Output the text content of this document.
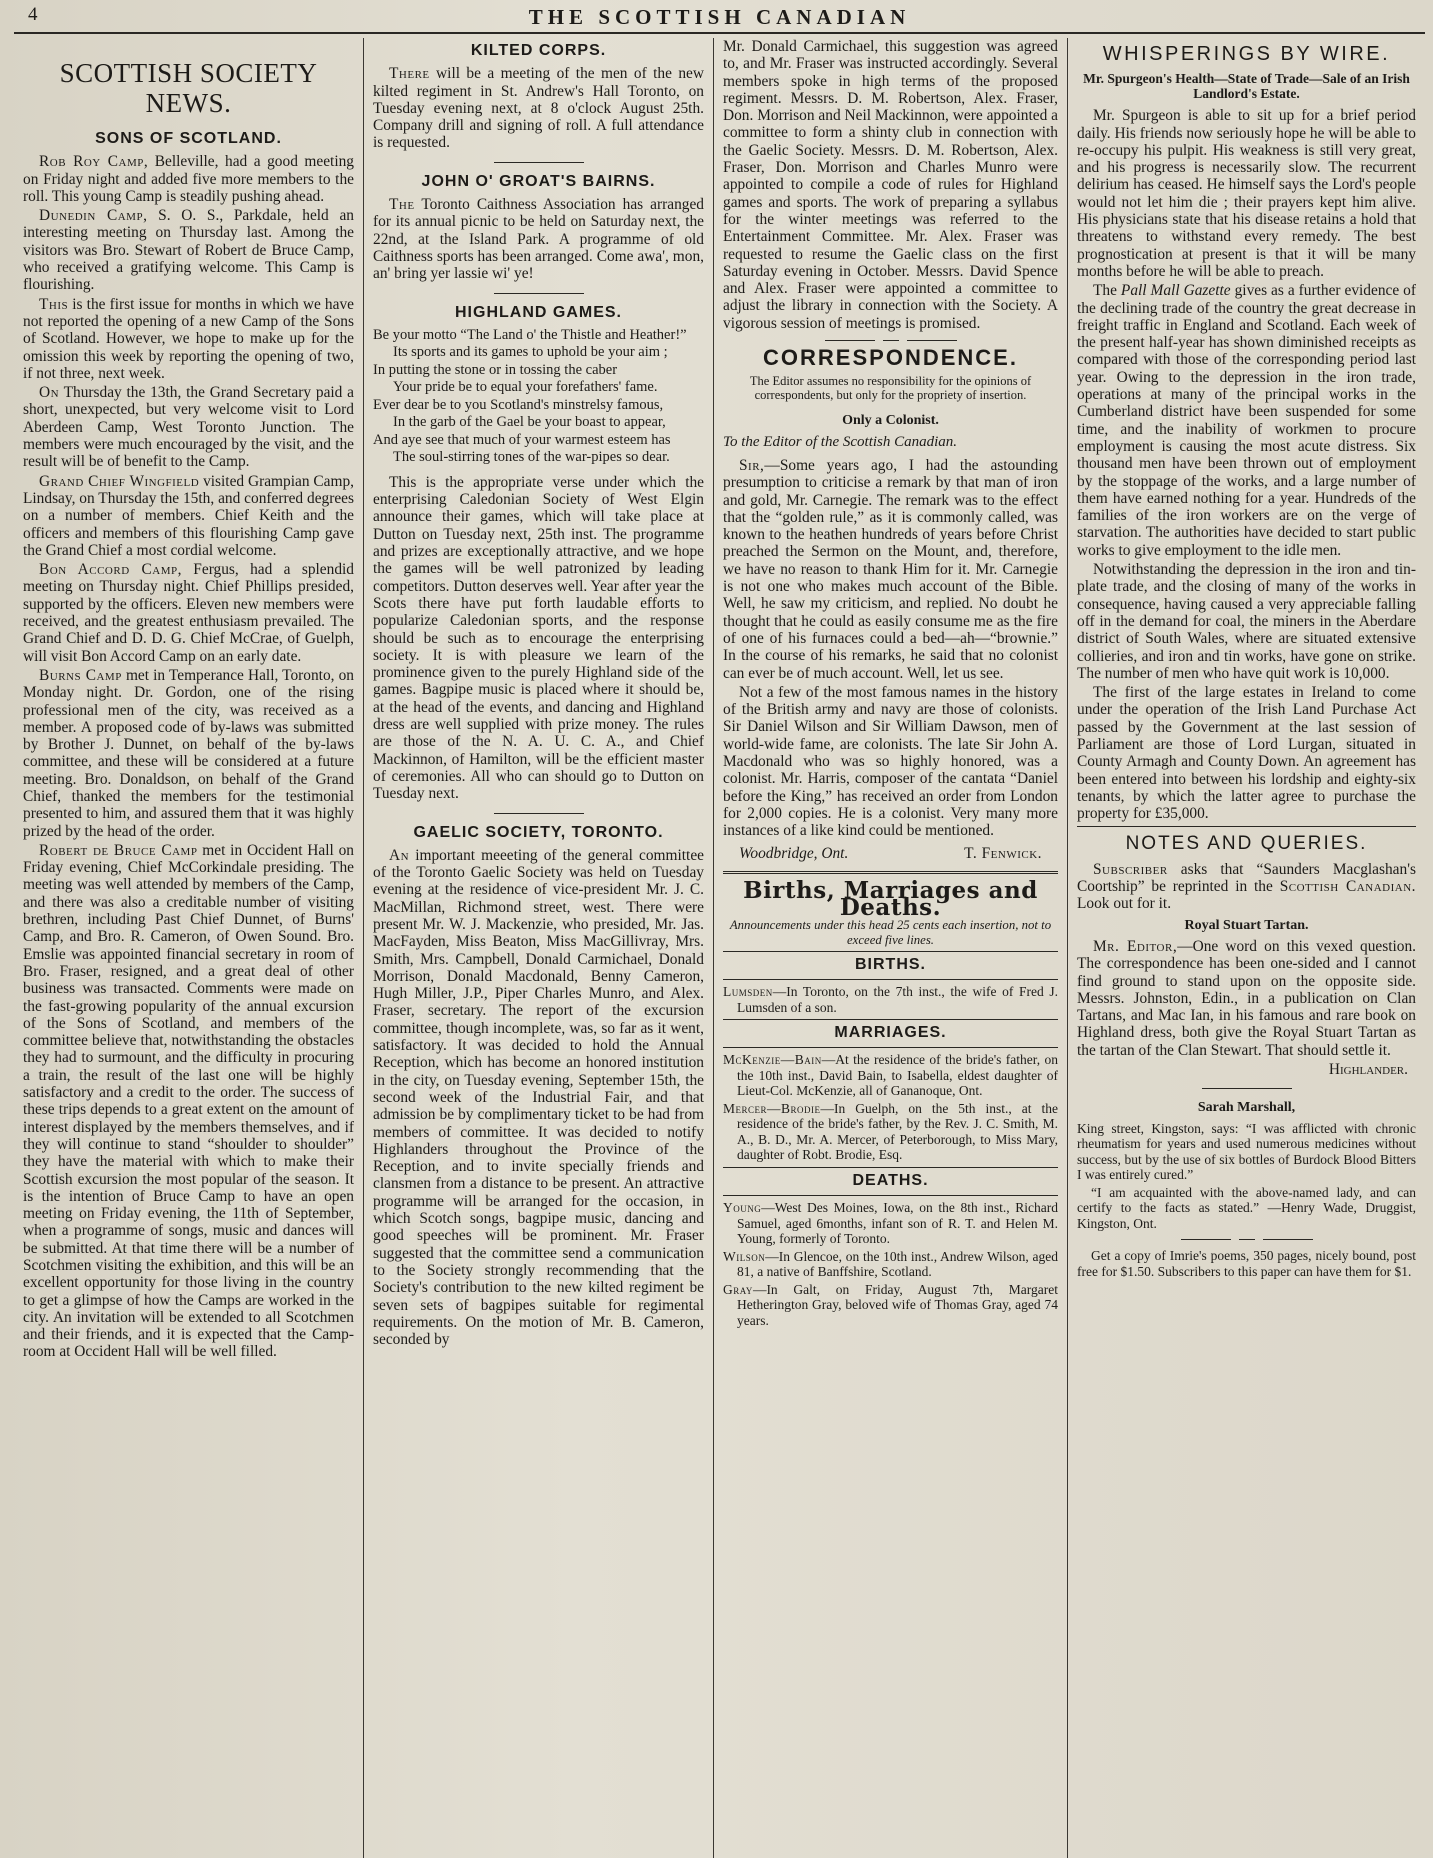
4	THE SCOTTISH CANADIAN
SCOTTISH SOCIETY NEWS.
SONS OF SCOTLAND.

Rob Roy Camp, Belleville, had a good meeting on Friday night and added five more members to the roll. This young Camp is steadily pushing ahead.

Dunedin Camp, S. O. S., Parkdale, held an interesting meeting on Thursday last. Among the visitors was Bro. Stewart of Robert de Bruce Camp, who received a gratifying welcome. This Camp is flourishing.

This is the first issue for months in which we have not reported the opening of a new Camp of the Sons of Scotland. However, we hope to make up for the omission this week by reporting the opening of two, if not three, next week.

On Thursday the 13th, the Grand Secretary paid a short, unexpected, but very welcome visit to Lord Aberdeen Camp, West Toronto Junction. The members were much encouraged by the visit, and the result will be of benefit to the Camp.

Grand Chief Wingfield visited Grampian Camp, Lindsay, on Thursday the 15th, and conferred degrees on a number of members. Chief Keith and the officers and members of this flourishing Camp gave the Grand Chief a most cordial welcome.

Bon Accord Camp, Fergus, had a splendid meeting on Thursday night. Chief Phillips presided, supported by the officers. Eleven new members were received, and the greatest enthusiasm prevailed. The Grand Chief and D. D. G. Chief McCrae, of Guelph, will visit Bon Accord Camp on an early date.

Burns Camp met in Temperance Hall, Toronto, on Monday night. Dr. Gordon, one of the rising professional men of the city, was received as a member. A proposed code of by-laws was submitted by Brother J. Dunnet, on behalf of the by-laws committee, and these will be considered at a future meeting. Bro. Donaldson, on behalf of the Grand Chief, thanked the members for the testimonial presented to him, and assured them that it was highly prized by the head of the order.

Robert de Bruce Camp met in Occident Hall on Friday evening, Chief McCorkindale presiding. The meeting was well attended by members of the Camp, and there was also a creditable number of visiting brethren, including Past Chief Dunnet, of Burns' Camp, and Bro. R. Cameron, of Owen Sound. Bro. Emslie was appointed financial secretary in room of Bro. Fraser, resigned, and a great deal of other business was transacted. Comments were made on the fast-growing popularity of the annual excursion of the Sons of Scotland, and members of the committee believe that, notwithstanding the obstacles they had to surmount, and the difficulty in procuring a train, the result of the last one will be highly satisfactory and a credit to the order. The success of these trips depends to a great extent on the amount of interest displayed by the members themselves, and if they will continue to stand “shoulder to shoulder” they have the material with which to make their Scottish excursion the most popular of the season. It is the intention of Bruce Camp to have an open meeting on Friday evening, the 11th of September, when a programme of songs, music and dances will be submitted. At that time there will be a number of Scotchmen visiting the exhibition, and this will be an excellent opportunity for those living in the country to get a glimpse of how the Camps are worked in the city. An invitation will be extended to all Scotchmen and their friends, and it is expected that the Camp-room at Occident Hall will be well filled.

KILTED CORPS.

There will be a meeting of the men of the new kilted regiment in St. Andrew's Hall Toronto, on Tuesday evening next, at 8 o'clock August 25th. Company drill and signing of roll. A full attendance is requested.

JOHN O' GROAT'S BAIRNS.

The Toronto Caithness Association has arranged for its annual picnic to be held on Saturday next, the 22nd, at the Island Park. A programme of old Caithness sports has been arranged. Come awa', mon, an' bring yer lassie wi' ye!

HIGHLAND GAMES.
Be your motto “The Land o' the Thistle and Heather!”
Its sports and its games to uphold be your aim ;
In putting the stone or in tossing the caber
Your pride be to equal your forefathers' fame.
Ever dear be to you Scotland's minstrelsy famous,
In the garb of the Gael be your boast to appear,
And aye see that much of your warmest esteem has
The soul-stirring tones of the war-pipes so dear.

This is the appropriate verse under which the enterprising Caledonian Society of West Elgin announce their games, which will take place at Dutton on Tuesday next, 25th inst. The programme and prizes are exceptionally attractive, and we hope the games will be well patronized by leading competitors. Dutton deserves well. Year after year the Scots there have put forth laudable efforts to popularize Caledonian sports, and the response should be such as to encourage the enterprising society. It is with pleasure we learn of the prominence given to the purely Highland side of the games. Bagpipe music is placed where it should be, at the head of the events, and dancing and Highland dress are well supplied with prize money. The rules are those of the N. A. U. C. A., and Chief Mackinnon, of Hamilton, will be the efficient master of ceremonies. All who can should go to Dutton on Tuesday next.

GAELIC SOCIETY, TORONTO.

An important meeeting of the general committee of the Toronto Gaelic Society was held on Tuesday evening at the residence of vice-president Mr. J. C. MacMillan, Richmond street, west. There were present Mr. W. J. Mackenzie, who presided, Mr. Jas. MacFayden, Miss Beaton, Miss MacGillivray, Mrs. Smith, Mrs. Campbell, Donald Carmichael, Donald Morrison, Donald Macdonald, Benny Cameron, Hugh Miller, J.P., Piper Charles Munro, and Alex. Fraser, secretary. The report of the excursion committee, though incomplete, was, so far as it went, satisfactory. It was decided to hold the Annual Reception, which has become an honored institution in the city, on Tuesday evening, September 15th, the second week of the Industrial Fair, and that admission be by complimentary ticket to be had from members of committee. It was decided to notify Highlanders throughout the Province of the Reception, and to invite specially friends and clansmen from a distance to be present. An attractive programme will be arranged for the occasion, in which Scotch songs, bagpipe music, dancing and good speeches will be prominent. Mr. Fraser suggested that the committee send a communication to the Society strongly recommending that the Society's contribution to the new kilted regiment be seven sets of bagpipes suitable for regimental requirements. On the motion of Mr. B. Cameron, seconded by

Mr. Donald Carmichael, this suggestion was agreed to, and Mr. Fraser was instructed accordingly. Several members spoke in high terms of the proposed regiment. Messrs. D. M. Robertson, Alex. Fraser, Don. Morrison and Neil Mackinnon, were appointed a committee to form a shinty club in connection with the Gaelic Society. Messrs. D. M. Robertson, Alex. Fraser, Don. Morrison and Charles Munro were appointed to compile a code of rules for Highland games and sports. The work of preparing a syllabus for the winter meetings was referred to the Entertainment Committee. Mr. Alex. Fraser was requested to resume the Gaelic class on the first Saturday evening in October. Messrs. David Spence and Alex. Fraser were appointed a committee to adjust the library in connection with the Society. A vigorous session of meetings is promised.

CORRESPONDENCE.
The Editor assumes no responsibility for the opinions of correspondents, but only for the propriety of insertion.
Only a Colonist.
To the Editor of the Scottish Canadian.

Sir,—Some years ago, I had the astounding presumption to criticise a remark by that man of iron and gold, Mr. Carnegie. The remark was to the effect that the “golden rule,” as it is commonly called, was known to the heathen hundreds of years before Christ preached the Sermon on the Mount, and, therefore, we have no reason to thank Him for it. Mr. Carnegie is not one who makes much account of the Bible. Well, he saw my criticism, and replied. No doubt he thought that he could as easily consume me as the fire of one of his furnaces could a bed—ah—“brownie.” In the course of his remarks, he said that no colonist can ever be of much account. Well, let us see.

Not a few of the most famous names in the history of the British army and navy are those of colonists. Sir Daniel Wilson and Sir William Dawson, men of world-wide fame, are colonists. The late Sir John A. Macdonald who was so highly honored, was a colonist. Mr. Harris, composer of the cantata “Daniel before the King,” has received an order from London for 2,000 copies. He is a colonist. Very many more instances of a like kind could be mentioned.

Woodbridge, Ont.	T. Fenwick.
Births, Marriages and Deaths.
Announcements under this head 25 cents each insertion, not to exceed five lines.
BIRTHS.

Lumsden—In Toronto, on the 7th inst., the wife of Fred J. Lumsden of a son.

MARRIAGES.

McKenzie—Bain—At the residence of the bride's father, on the 10th inst., David Bain, to Isabella, eldest daughter of Lieut-Col. McKenzie, all of Gananoque, Ont.

Mercer—Brodie—In Guelph, on the 5th inst., at the residence of the bride's father, by the Rev. J. C. Smith, M. A., B. D., Mr. A. Mercer, of Peterborough, to Miss Mary, daughter of Robt. Brodie, Esq.

DEATHS.

Young—West Des Moines, Iowa, on the 8th inst., Richard Samuel, aged 6months, infant son of R. T. and Helen M. Young, formerly of Toronto.

Wilson—In Glencoe, on the 10th inst., Andrew Wilson, aged 81, a native of Banffshire, Scotland.

Gray—In Galt, on Friday, August 7th, Margaret Hetherington Gray, beloved wife of Thomas Gray, aged 74 years.

WHISPERINGS BY WIRE.
Mr. Spurgeon's Health—State of Trade—Sale of an Irish Landlord's Estate.

Mr. Spurgeon is able to sit up for a brief period daily. His friends now seriously hope he will be able to re-occupy his pulpit. His weakness is still very great, and his progress is necessarily slow. The recurrent delirium has ceased. He himself says the Lord's people would not let him die ; their prayers kept him alive. His physicians state that his disease retains a hold that threatens to withstand every remedy. The best prognostication at present is that it will be many months before he will be able to preach.

The Pall Mall Gazette gives as a further evidence of the declining trade of the country the great decrease in freight traffic in England and Scotland. Each week of the present half-year has shown diminished receipts as compared with those of the corresponding period last year. Owing to the depression in the iron trade, operations at many of the principal works in the Cumberland district have been suspended for some time, and the inability of workmen to procure employment is causing the most acute distress. Six thousand men have been thrown out of employment by the stoppage of the works, and a large number of them have earned nothing for a year. Hundreds of the families of the iron workers are on the verge of starvation. The authorities have decided to start public works to give employment to the idle men.

Notwithstanding the depression in the iron and tin-plate trade, and the closing of many of the works in consequence, having caused a very appreciable falling off in the demand for coal, the miners in the Aberdare district of South Wales, where are situated extensive collieries, and iron and tin works, have gone on strike. The number of men who have quit work is 10,000.

The first of the large estates in Ireland to come under the operation of the Irish Land Purchase Act passed by the Government at the last session of Parliament are those of Lord Lurgan, situated in County Armagh and County Down. An agreement has been entered into between his lordship and eighty-six tenants, by which the latter agree to purchase the property for £35,000.

NOTES AND QUERIES.

Subscriber asks that “Saunders Macglashan's Coortship” be reprinted in the Scottish Canadian. Look out for it.

Royal Stuart Tartan.

Mr. Editor,—One word on this vexed question. The correspondence has been one-sided and I cannot find ground to stand upon on the opposite side. Messrs. Johnston, Edin., in a publication on Clan Tartans, and Mac Ian, in his famous and rare book on Highland dress, both give the Royal Stuart Tartan as the tartan of the Clan Stewart. That should settle it.

Highlander.
Sarah Marshall,

King street, Kingston, says: “I was afflicted with chronic rheumatism for years and used numerous medicines without success, but by the use of six bottles of Burdock Blood Bitters I was entirely cured.”

“I am acquainted with the above-named lady, and can certify to the facts as stated.” —Henry Wade, Druggist, Kingston, Ont.

Get a copy of Imrie's poems, 350 pages, nicely bound, post free for $1.50. Subscribers to this paper can have them for $1.
